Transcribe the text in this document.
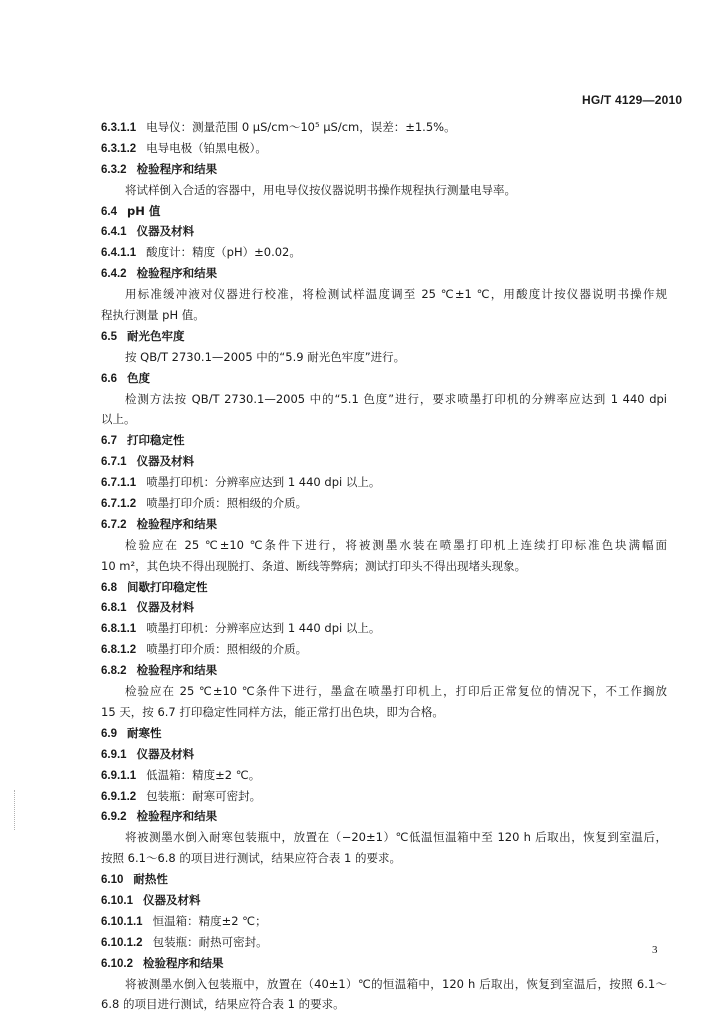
HG/T 4129—2010
6.3.1.1 电导仪：测量范围 0 μS/cm～10⁵ μS/cm，误差：±1.5%。
6.3.1.2 电导电极（铂黑电极）。
6.3.2 检验程序和结果
将试样倒入合适的容器中，用电导仪按仪器说明书操作规程执行测量电导率。
6.4 pH 值
6.4.1 仪器及材料
6.4.1.1 酸度计：精度（pH）±0.02。
6.4.2 检验程序和结果
用标准缓冲液对仪器进行校准，将检测试样温度调至 25 ℃±1 ℃，用酸度计按仪器说明书操作规
程执行测量 pH 值。
6.5 耐光色牢度
按 QB/T 2730.1—2005 中的“5.9 耐光色牢度”进行。
6.6 色度
检测方法按 QB/T 2730.1—2005 中的“5.1 色度”进行，要求喷墨打印机的分辨率应达到 1 440 dpi
以上。
6.7 打印稳定性
6.7.1 仪器及材料
6.7.1.1 喷墨打印机：分辨率应达到 1 440 dpi 以上。
6.7.1.2 喷墨打印介质：照相级的介质。
6.7.2 检验程序和结果
检验应在 25 ℃±10 ℃条件下进行，将被测墨水装在喷墨打印机上连续打印标准色块满幅面
10 m²，其色块不得出现脱打、条道、断线等弊病；测试打印头不得出现堵头现象。
6.8 间歇打印稳定性
6.8.1 仪器及材料
6.8.1.1 喷墨打印机：分辨率应达到 1 440 dpi 以上。
6.8.1.2 喷墨打印介质：照相级的介质。
6.8.2 检验程序和结果
检验应在 25 ℃±10 ℃条件下进行，墨盒在喷墨打印机上，打印后正常复位的情况下，不工作搁放
15 天，按 6.7 打印稳定性同样方法，能正常打出色块，即为合格。
6.9 耐寒性
6.9.1 仪器及材料
6.9.1.1 低温箱：精度±2 ℃。
6.9.1.2 包装瓶：耐寒可密封。
6.9.2 检验程序和结果
将被测墨水倒入耐寒包装瓶中，放置在（−20±1）℃低温恒温箱中至 120 h 后取出，恢复到室温后，
按照 6.1～6.8 的项目进行测试，结果应符合表 1 的要求。
6.10 耐热性
6.10.1 仪器及材料
6.10.1.1 恒温箱：精度±2 ℃；
6.10.1.2 包装瓶：耐热可密封。
6.10.2 检验程序和结果
将被测墨水倒入包装瓶中，放置在（40±1）℃的恒温箱中，120 h 后取出，恢复到室温后，按照 6.1～
6.8 的项目进行测试，结果应符合表 1 的要求。
3
